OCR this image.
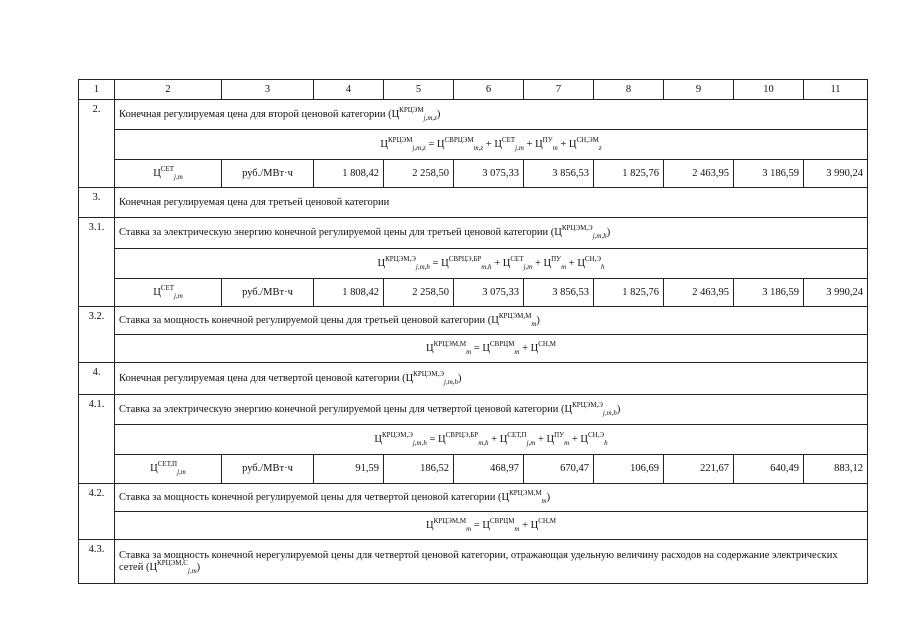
1	2	3	4	5	6	7	8	9	10	11
2.	Конечная регулируемая цена для второй ценовой категории $(Ц^{КРЦЭМ}_{j,m,z})$									
	$Ц^{КРЦЭМ}_{j,m,z} = Ц^{СВРЦЭМ}_{m,z} + Ц^{СЕТ}_{j,m} + Ц^{ПУ}_m + Ц^{СН,ЭМ}_z$
	$Ц^{СЕТ}_{j,m}$	руб./МВт·ч	1 808,42	2 258,50	3 075,33	3 856,53	1 825,76	2 463,95	3 186,59	3 990,24
3.	Конечная регулируемая цена для третьей ценовой категории									
3.1.	Ставка за электрическую энергию конечной регулируемой цены для третьей ценовой категории $(Ц^{КРЦЭМ,Э}_{j,m,h})$									
	$Ц^{КРЦЭМ,Э}_{j,m,h} = Ц^{СВРЦЭ,БР}_{m,h} + Ц^{СЕТ}_{j,m} + Ц^{ПУ}_m + Ц^{СН,Э}_h$
	$Ц^{СЕТ}_{j,m}$	руб./МВт·ч	1 808,42	2 258,50	3 075,33	3 856,53	1 825,76	2 463,95	3 186,59	3 990,24
3.2.	Ставка за мощность конечной регулируемой цены для третьей ценовой категории $(Ц^{КРЦЭМ,М}_m)$									
	$Ц^{КРЦЭМ,М}_m = Ц^{СВРЦМ}_m + Ц^{СН,М}$
4.	Конечная регулируемая цена для четвертой ценовой категории $(Ц^{КРЦЭМ,Э}_{j,m,h})$									
4.1.	Ставка за электрическую энергию конечной регулируемой цены для четвертой ценовой категории $(Ц^{КРЦЭМ,Э}_{j,m,h})$									
	$Ц^{КРЦЭМ,Э}_{j,m,h} = Ц^{СВРЦЭ,БР}_{m,h} + Ц^{СЕТ,П}_{j,m} + Ц^{ПУ}_m + Ц^{СН,Э}_h$
	$Ц^{СЕТ,П}_{j,m}$	руб./МВт·ч	91,59	186,52	468,97	670,47	106,69	221,67	640,49	883,12
4.2.	Ставка за мощность конечной регулируемой цены для четвертой ценовой категории $(Ц^{КРЦЭМ,М}_m)$									
	$Ц^{КРЦЭМ,М}_m = Ц^{СВРЦМ}_m + Ц^{СН,М}$
4.3.	Ставка за мощность конечной нерегулируемой цены для четвертой ценовой категории, отражающая удельную величину расходов на содержание электрических сетей $(Ц^{КРЦЭМ,С}_{j,m})$									
